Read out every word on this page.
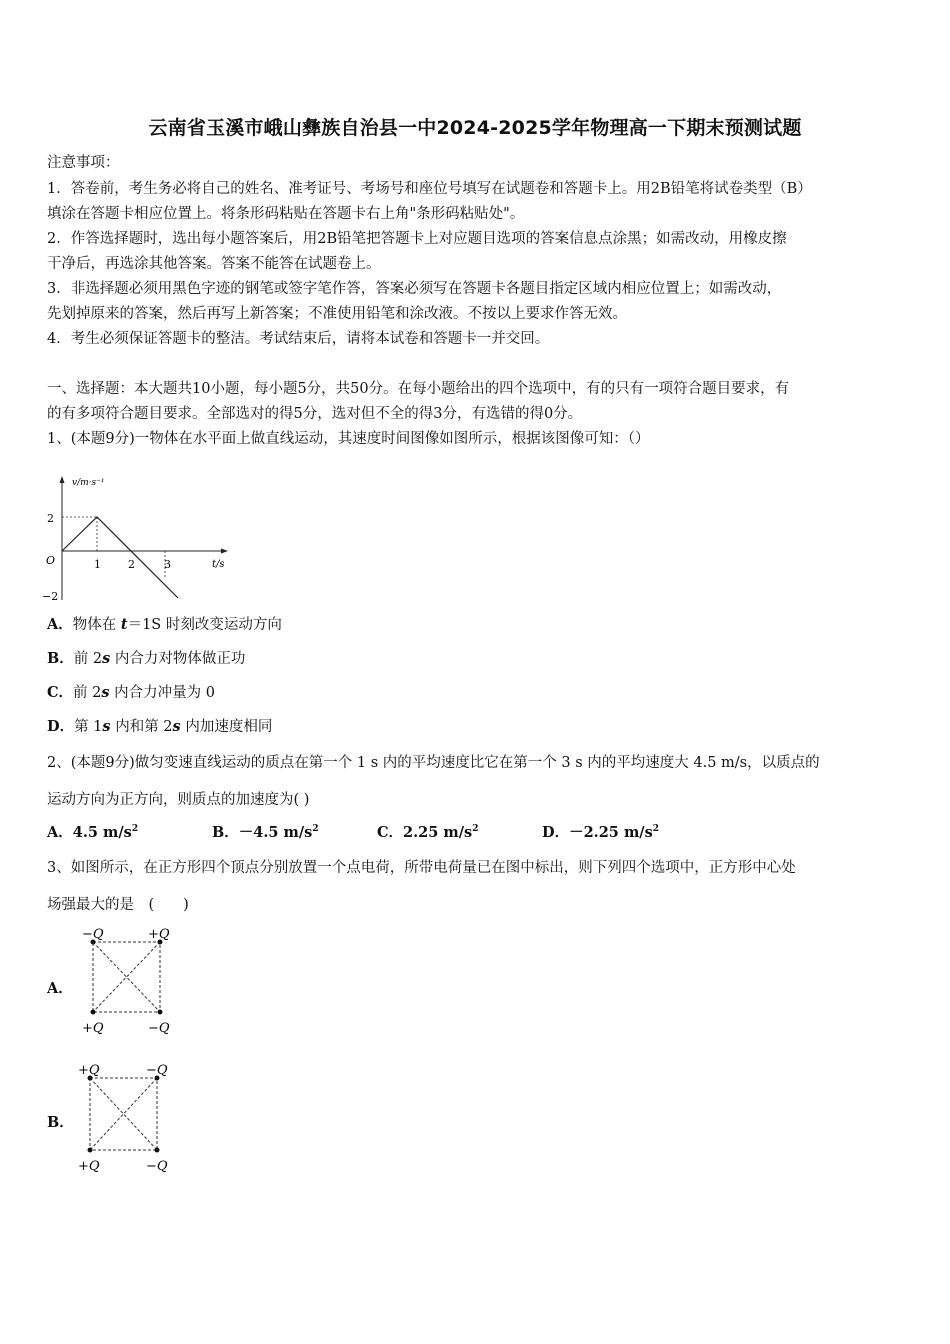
云南省玉溪市峨山彝族自治县一中2024-2025学年物理高一下期末预测试题
注意事项：
1．答卷前，考生务必将自己的姓名、准考证号、考场号和座位号填写在试题卷和答题卡上。用2B铅笔将试卷类型（B）
填涂在答题卡相应位置上。将条形码粘贴在答题卡右上角"条形码粘贴处"。
2．作答选择题时，选出每小题答案后，用2B铅笔把答题卡上对应题目选项的答案信息点涂黑；如需改动，用橡皮擦
干净后，再选涂其他答案。答案不能答在试题卷上。
3．非选择题必须用黑色字迹的钢笔或签字笔作答，答案必须写在答题卡各题目指定区域内相应位置上；如需改动，
先划掉原来的答案，然后再写上新答案；不准使用铅笔和涂改液。不按以上要求作答无效。
4．考生必须保证答题卡的整洁。考试结束后，请将本试卷和答题卡一并交回。
一、选择题：本大题共10小题，每小题5分，共50分。在每小题给出的四个选项中，有的只有一项符合题目要求，有
的有多项符合题目要求。全部选对的得5分，选对但不全的得3分，有选错的得0分。
1、(本题9分)一物体在水平面上做直线运动，其速度时间图像如图所示，根据该图像可知：（）
v/m·s⁻¹
t/s
2
−2
O	1 2	3
A．物体在 t＝1S 时刻改变运动方向
B．前 2s 内合力对物体做正功
C．前 2s 内合力冲量为 0
D．第 1s 内和第 2s 内加速度相同
2、(本题9分)做匀变速直线运动的质点在第一个 1 s 内的平均速度比它在第一个 3 s 内的平均速度大 4.5 m/s，以质点的
运动方向为正方向，则质点的加速度为( )
A．4.5 $m/s^2$	B．－4.5 $m/s^2$	C．2.25 $m/s^2$	D．－2.25 $m/s^2$
3、如图所示，在正方形四个顶点分别放置一个点电荷，所带电荷量已在图中标出，则下列四个选项中，正方形中心处
场强最大的是　(　　)
A．
−Q	+Q
+Q	−Q
B．
+Q	−Q
+Q	−Q
